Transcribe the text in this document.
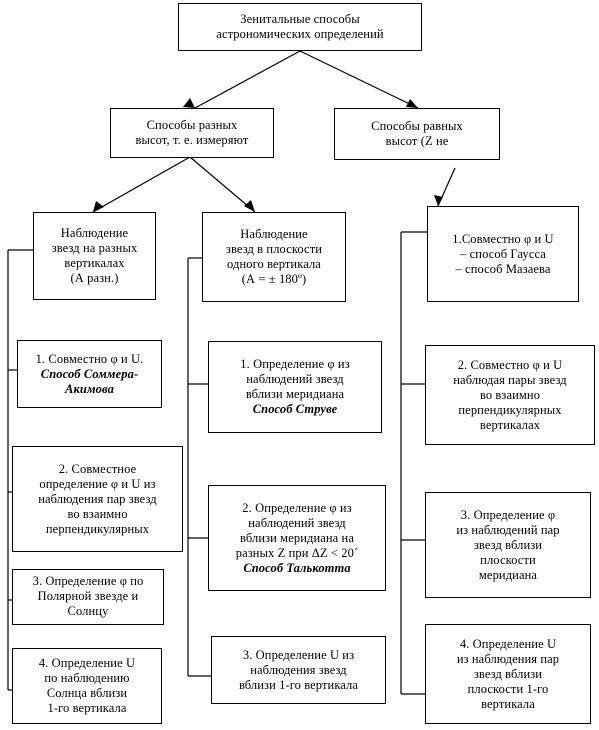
Зенитальные способы
астрономических определений
Способы разных
высот, т. е. измеряют
Способы равных
высот (Z не
Наблюдение
звезд на разных
вертикалах
(А разн.)
Наблюдение
звезд в плоскости
одного вертикала
(А = ± 180º)
1.Совместно φ и U
– способ Гаусса
– способ Мазаева
1. Совместно φ и U.
Способ Соммера-
Акимова
2. Совместное
определение φ и U из
наблюдения пар звезд
во взаимно
перпендикулярных
3. Определение φ по
Полярной звезде и
Солнцу
4. Определение U
по наблюдению
Солнца вблизи
1-го вертикала
1. Определение φ из
наблюдений звезд
вблизи меридиана
Способ Струве
2. Определение φ из
наблюдений звезд
вблизи меридиана на
разных Z при ΔZ < 20´
Способ Талькотта
3. Определение U из
наблюдения звезд
вблизи 1-го вертикала
2. Совместно φ и U
наблюдая пары звезд
во взаимно
перпендикулярных
вертикалах
3. Определение φ
из наблюдений пар
звезд вблизи
плоскости
меридиана
4. Определение U
из наблюдения пар
звезд вблизи
плоскости 1-го
вертикала
